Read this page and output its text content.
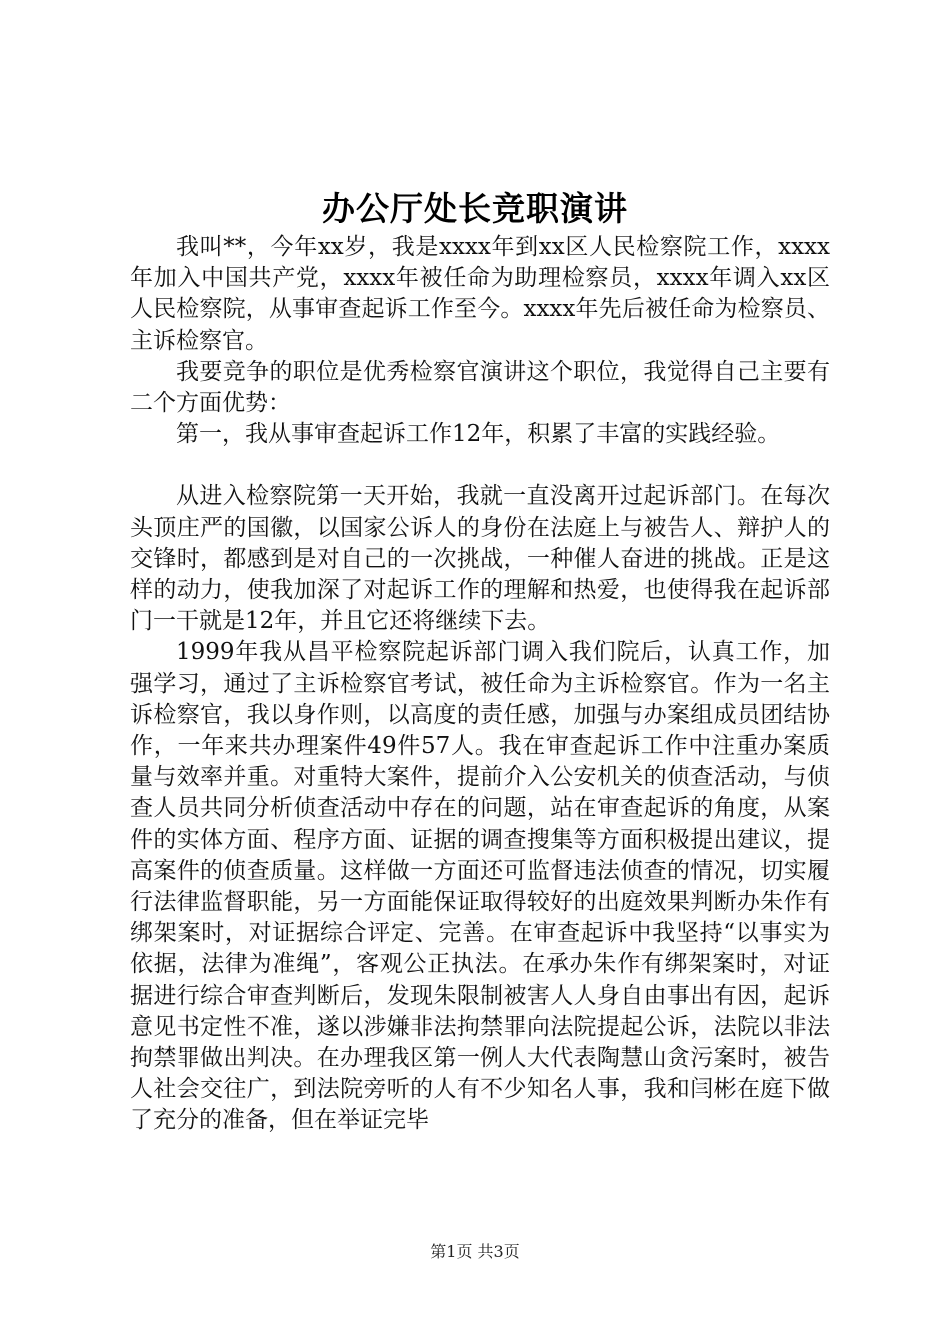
办公厅处长竞职演讲

我叫**，今年xx岁，我是xxxx年到xx区人民检察院工作，xxxx年加入中国共产党，xxxx年被任命为助理检察员，xxxx年调入xx区人民检察院，从事审查起诉工作至今。xxxx年先后被任命为检察员、主诉检察官。

我要竞争的职位是优秀检察官演讲这个职位，我觉得自己主要有二个方面优势：

第一，我从事审查起诉工作12年，积累了丰富的实践经验。

从进入检察院第一天开始，我就一直没离开过起诉部门。在每次头顶庄严的国徽，以国家公诉人的身份在法庭上与被告人、辩护人的交锋时，都感到是对自己的一次挑战，一种催人奋进的挑战。正是这样的动力，使我加深了对起诉工作的理解和热爱，也使得我在起诉部门一干就是12年，并且它还将继续下去。

1999年我从昌平检察院起诉部门调入我们院后，认真工作，加强学习，通过了主诉检察官考试，被任命为主诉检察官。作为一名主诉检察官，我以身作则，以高度的责任感，加强与办案组成员团结协作，一年来共办理案件49件57人。我在审查起诉工作中注重办案质量与效率并重。对重特大案件，提前介入公安机关的侦查活动，与侦查人员共同分析侦查活动中存在的问题，站在审查起诉的角度，从案件的实体方面、程序方面、证据的调查搜集等方面积极提出建议，提高案件的侦查质量。这样做一方面还可监督违法侦查的情况，切实履行法律监督职能，另一方面能保证取得较好的出庭效果判断办朱作有绑架案时，对证据综合评定、完善。在审查起诉中我坚持“以事实为依据，法律为准绳”，客观公正执法。在承办朱作有绑架案时，对证据进行综合审查判断后，发现朱限制被害人人身自由事出有因，起诉意见书定性不准，遂以涉嫌非法拘禁罪向法院提起公诉，法院以非法拘禁罪做出判决。在办理我区第一例人大代表陶慧山贪污案时，被告人社会交往广，到法院旁听的人有不少知名人事，我和闫彬在庭下做了充分的准备，但在举证完毕

第1页 共3页
